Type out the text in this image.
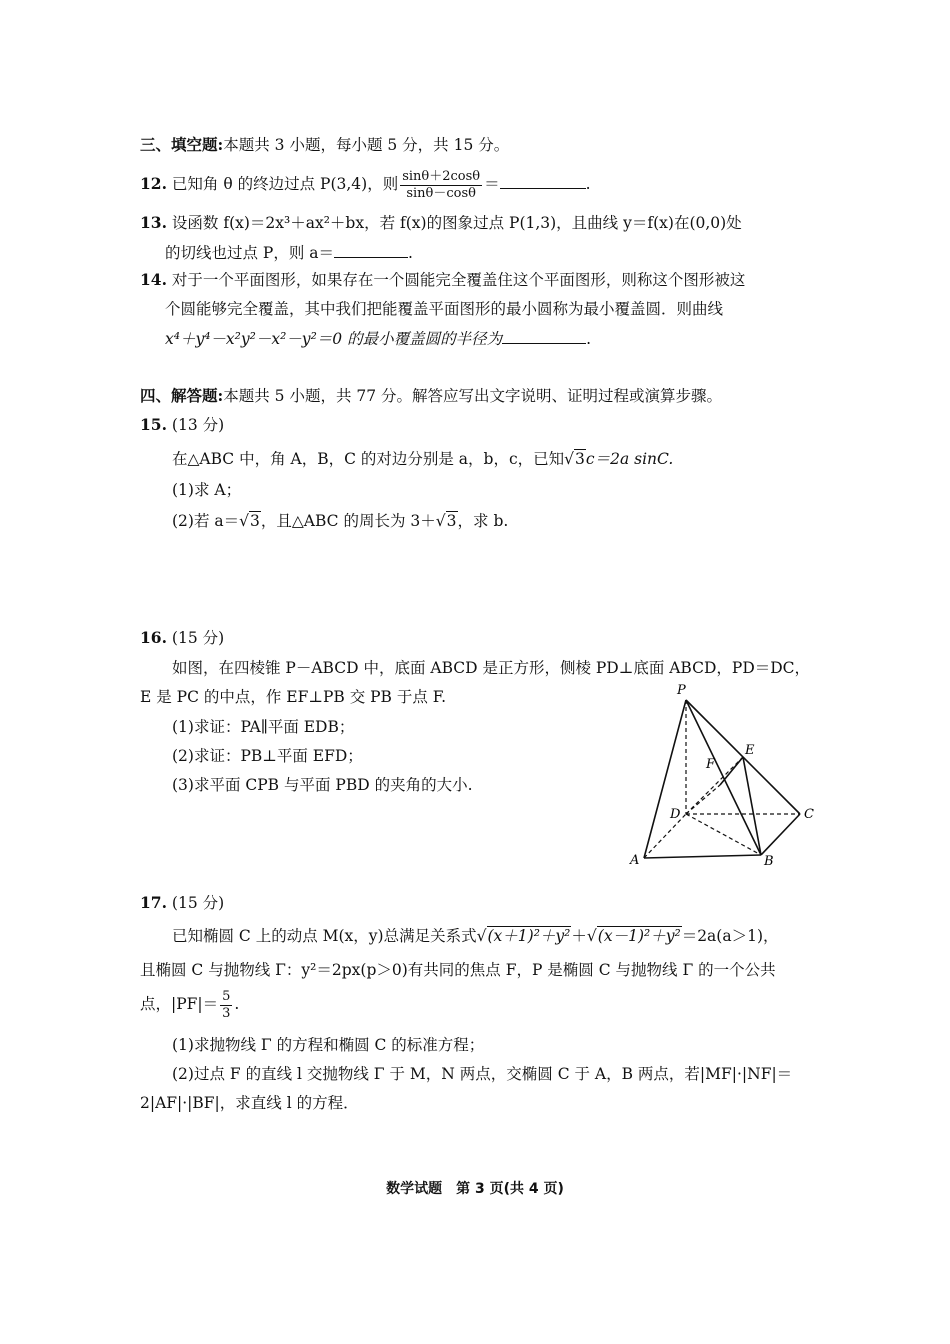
三、填空题:本题共 3 小题，每小题 5 分，共 15 分。
12. 已知角 θ 的终边过点 P(3,4)，则 $\frac{\sin\theta+2\cos\theta}{\sin\theta-\cos\theta}$ ＝	.
13. 设函数 f(x)＝2x³＋ax²＋bx，若 f(x)的图象过点 P(1,3)，且曲线 y＝f(x)在(0,0)处
的切线也过点 P，则 a＝	.
14. 对于一个平面图形，如果存在一个圆能完全覆盖住这个平面图形，则称这个图形被这
个圆能够完全覆盖，其中我们把能覆盖平面图形的最小圆称为最小覆盖圆．则曲线
x⁴＋y⁴－x²y²－x²－y²＝0 的最小覆盖圆的半径为	.
四、解答题:本题共 5 小题，共 77 分。解答应写出文字说明、证明过程或演算步骤。
15. (13 分)
在△ABC 中，角 A，B，C 的对边分别是 a，b，c，已知√3c＝2a sinC.
(1)求 A；
(2)若 a＝√3，且△ABC 的周长为 3＋√3，求 b.
16. (15 分)
如图，在四棱锥 P－ABCD 中，底面 ABCD 是正方形，侧棱 PD⊥底面 ABCD，PD＝DC，
E 是 PC 的中点，作 EF⊥PB 交 PB 于点 F.
(1)求证：PA∥平面 EDB；
(2)求证：PB⊥平面 EFD；
(3)求平面 CPB 与平面 PBD 的夹角的大小.
P
A	B
C
D
E
F
17. (15 分)
已知椭圆 C 上的动点 M(x，y)总满足关系式√(x＋1)²＋y²＋√(x－1)²＋y²＝2a(a＞1)，
且椭圆 C 与抛物线 Γ：y²＝2px(p＞0)有共同的焦点 F，P 是椭圆 C 与抛物线 Γ 的一个公共
点，$|PF|= \frac{5}{3}$ .
(1)求抛物线 Γ 的方程和椭圆 C 的标准方程；
(2)过点 F 的直线 l 交抛物线 Γ 于 M，N 两点，交椭圆 C 于 A，B 两点，若|MF|·|NF|＝
2|AF|·|BF|，求直线 l 的方程．
数学试题　第 3 页(共 4 页)
